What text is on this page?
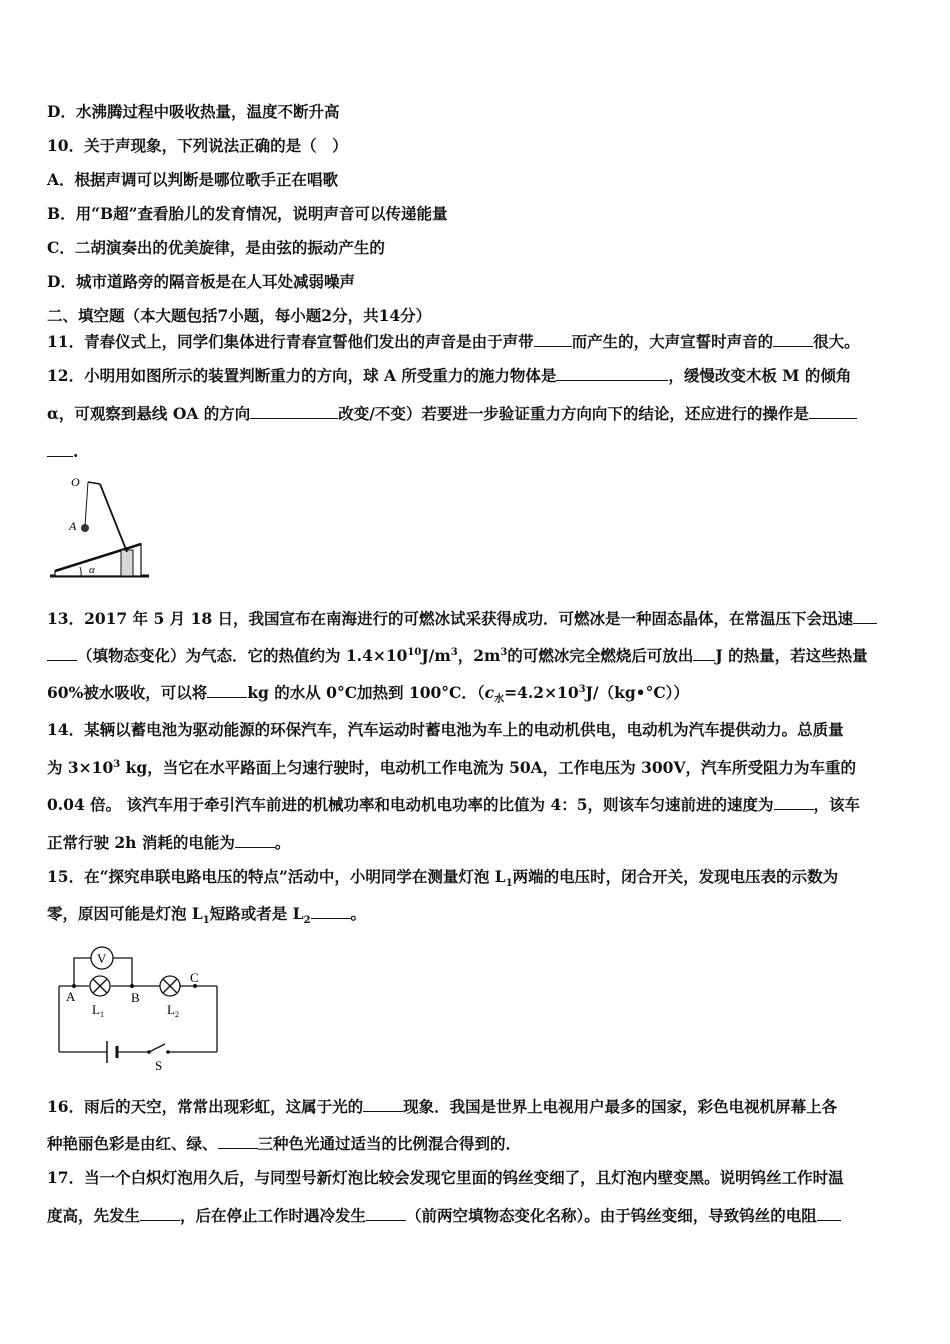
D．水沸腾过程中吸收热量，温度不断升高
10．关于声现象，下列说法正确的是（　）
A．根据声调可以判断是哪位歌手正在唱歌
B．用“B超”查看胎儿的发育情况，说明声音可以传递能量
C．二胡演奏出的优美旋律，是由弦的振动产生的
D．城市道路旁的隔音板是在人耳处减弱噪声
二、填空题（本大题包括7小题，每小题2分，共14分）
11．青春仪式上，同学们集体进行青春宣誓他们发出的声音是由于声带 而产生的，大声宣誓时声音的	很大。
12．小明用如图所示的装置判断重力的方向，球 A 所受重力的施力物体是	，缓慢改变木板 M 的倾角
α，可观察到悬线 OA 的方向	改变/不变）若要进一步验证重力方向向下的结论，还应进行的操作是
.
O
A
α
13．2017 年 5 月 18 日，我国宣布在南海进行的可燃冰试采获得成功．可燃冰是一种固态晶体，在常温压下会迅速
（填物态变化）为气态．它的热值约为 $1.4\times 10^{10}J/m^3$，$2m^3$的可燃冰完全燃烧后可放出 J 的热量，若这些热量
60%被水吸收，可以将	kg 的水从 0°C加热到 100°C．$(c_水=4.2\times 10^3J/(kg•^\circ C))$
14．某辆以蓄电池为驱动能源的环保汽车，汽车运动时蓄电池为车上的电动机供电，电动机为汽车提供动力。总质量
为 $3\times 10^3$ kg，当它在水平路面上匀速行驶时，电动机工作电流为 50A，工作电压为 300V，汽车所受阻力为车重的
0.04 倍。 该汽车用于牵引汽车前进的机械功率和电动机电功率的比值为 4：5，则该车匀速前进的速度为	，该车
正常行驶 2h 消耗的电能为	。
15．在“探究串联电路电压的特点”活动中，小明同学在测量灯泡 $L_1$两端的电压时，闭合开关，发现电压表的示数为
零，原因可能是灯泡 $L_1$短路或者是 $L_2$	。
V
A	B
C
$L_1$	$L_2$
S
16．雨后的天空，常常出现彩虹，这属于光的	现象．我国是世界上电视用户最多的国家，彩色电视机屏幕上各
种艳丽色彩是由红、绿、	三种色光通过适当的比例混合得到的．
17．当一个白炽灯泡用久后，与同型号新灯泡比较会发现它里面的钨丝变细了，且灯泡内壁变黑。说明钨丝工作时温
度高，先发生	，后在停止工作时遇冷发生	（前两空填物态变化名称）。由于钨丝变细，导致钨丝的电阻
